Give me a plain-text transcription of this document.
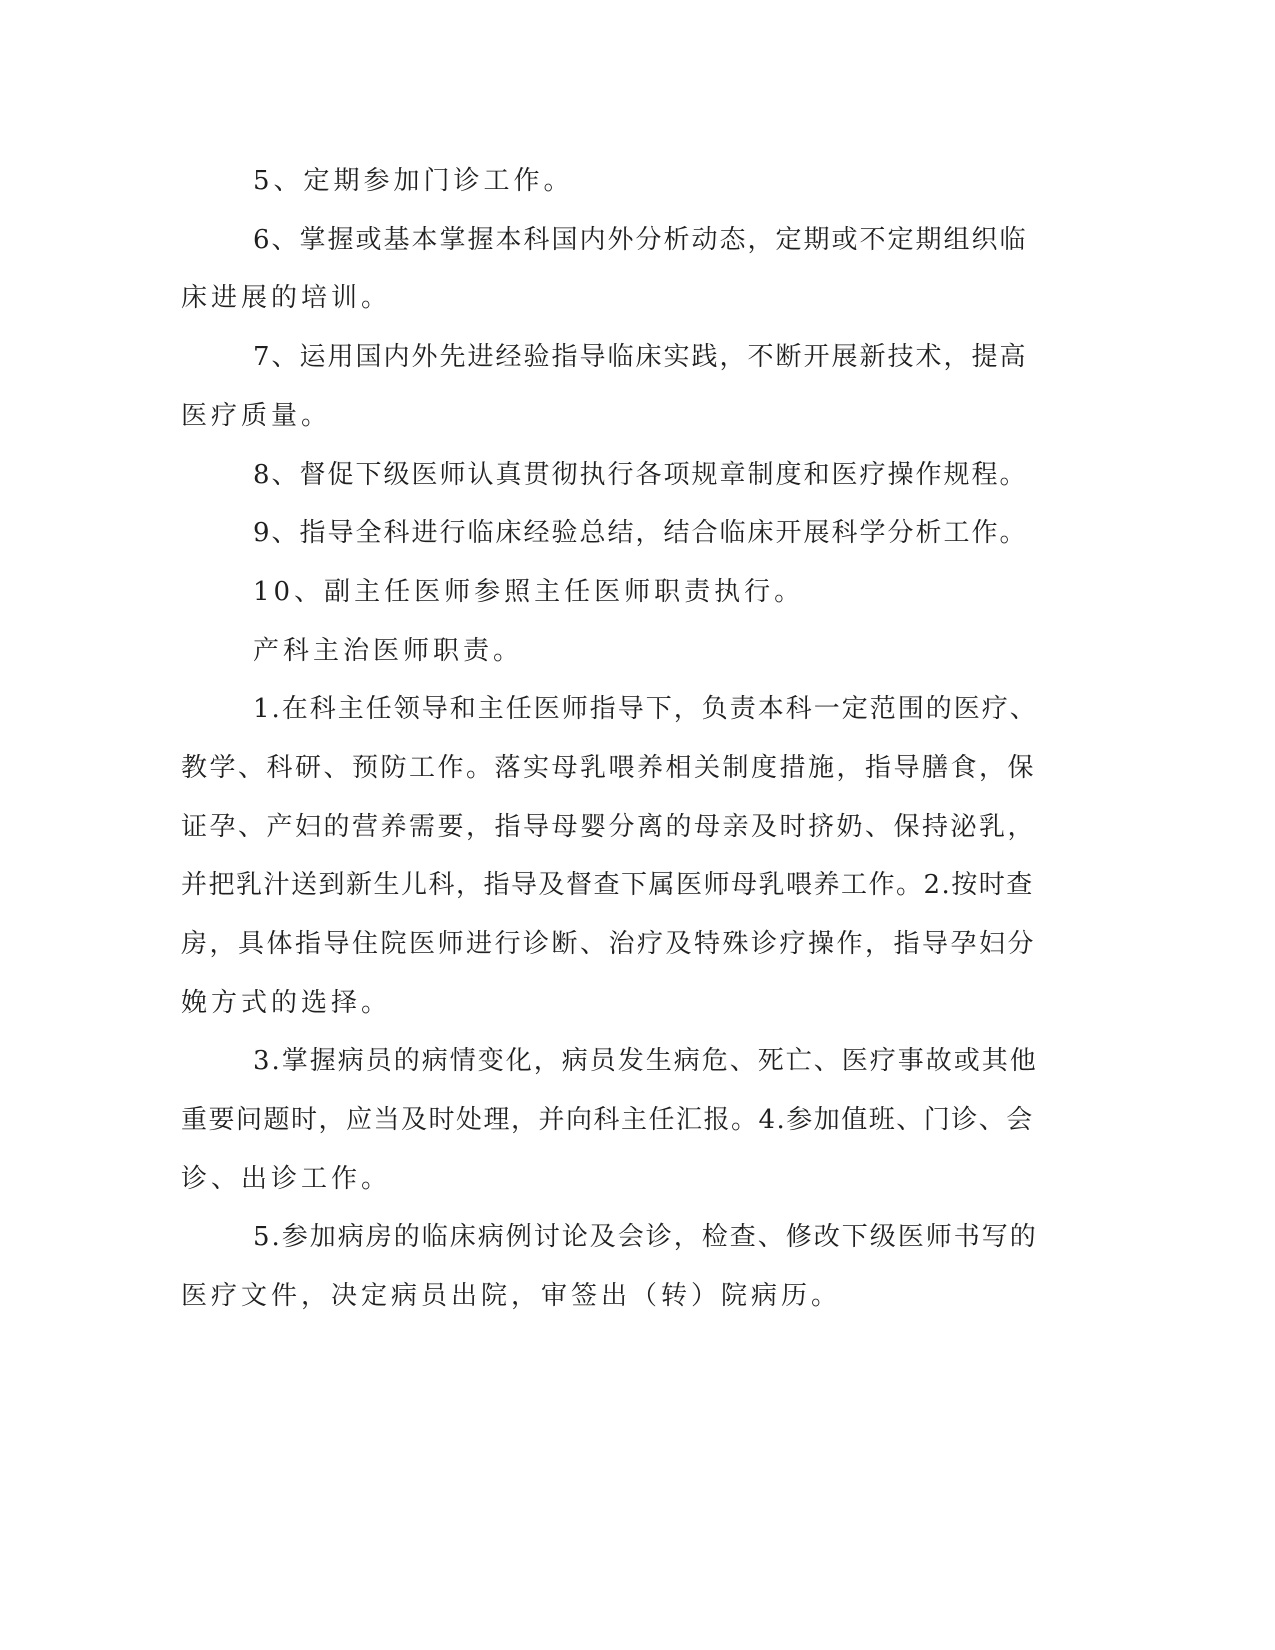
5、定期参加门诊工作。
6、掌握或基本掌握本科国内外分析动态，定期或不定期组织临
床进展的培训。
7、运用国内外先进经验指导临床实践，不断开展新技术，提高
医疗质量。
8、督促下级医师认真贯彻执行各项规章制度和医疗操作规程。
9、指导全科进行临床经验总结，结合临床开展科学分析工作。
10、副主任医师参照主任医师职责执行。
产科主治医师职责。
1.在科主任领导和主任医师指导下，负责本科一定范围的医疗、
教学、科研、预防工作。落实母乳喂养相关制度措施，指导膳食，保
证孕、产妇的营养需要，指导母婴分离的母亲及时挤奶、保持泌乳，
并把乳汁送到新生儿科，指导及督查下属医师母乳喂养工作。2.按时查
房，具体指导住院医师进行诊断、治疗及特殊诊疗操作，指导孕妇分
娩方式的选择。
3.掌握病员的病情变化，病员发生病危、死亡、医疗事故或其他
重要问题时，应当及时处理，并向科主任汇报。4.参加值班、门诊、会
诊、出诊工作。
5.参加病房的临床病例讨论及会诊，检查、修改下级医师书写的
医疗文件，决定病员出院，审签出（转）院病历。
